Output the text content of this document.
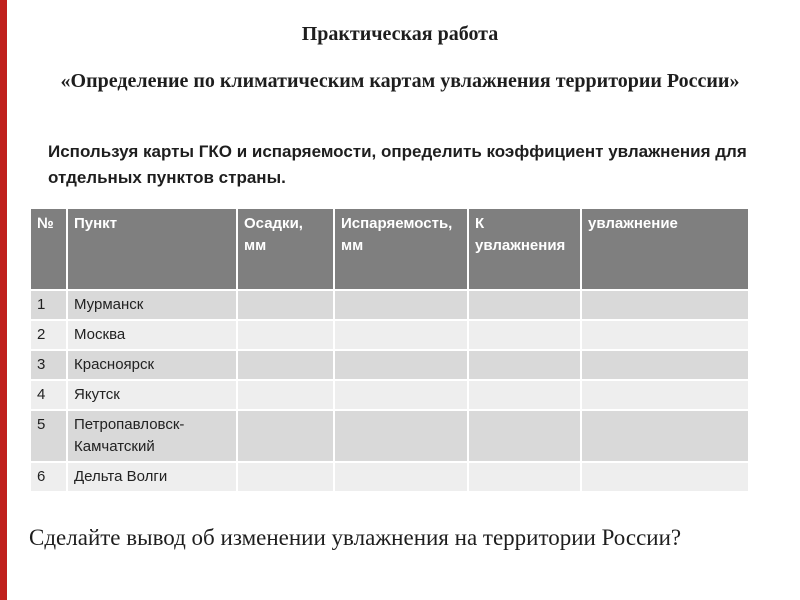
Практическая работа
«Определение по климатическим картам увлажнения территории России»
Используя карты ГКО и испаряемости, определить коэффициент увлажнения для отдельных пунктов страны.
№	Пункт	Осадки, мм	Испаряемость, мм	К увлажнения	увлажнение
1	Мурманск				
2	Москва				
3	Красноярск				
4	Якутск				
5	Петропавловск-Камчатский				
6	Дельта Волги				
Сделайте вывод об изменении увлажнения на территории России?
